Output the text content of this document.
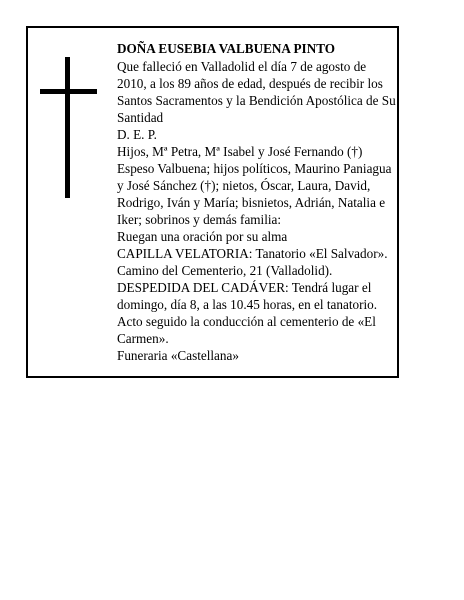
DOÑA EUSEBIA VALBUENA PINTO

Que falleció en Valladolid el día 7 de agosto de 2010, a los 89 años de edad, después de recibir los Santos Sacramentos y la Bendición Apostólica de Su Santidad

D. E. P.

Hijos, Mª Petra, Mª Isabel y José Fernando (†) Espeso Valbuena; hijos políticos, Maurino Paniagua y José Sánchez (†); nietos, Óscar, Laura, David, Rodrigo, Iván y María; bisnietos, Adrián, Natalia e Iker; sobrinos y demás familia:

Ruegan una oración por su alma

CAPILLA VELATORIA: Tanatorio «El Salvador». Camino del Cementerio, 21 (Valladolid).

DESPEDIDA DEL CADÁVER: Tendrá lugar el domingo, día 8, a las 10.45 horas, en el tanatorio. Acto seguido la conducción al cementerio de «El Carmen».

Funeraria «Castellana»
